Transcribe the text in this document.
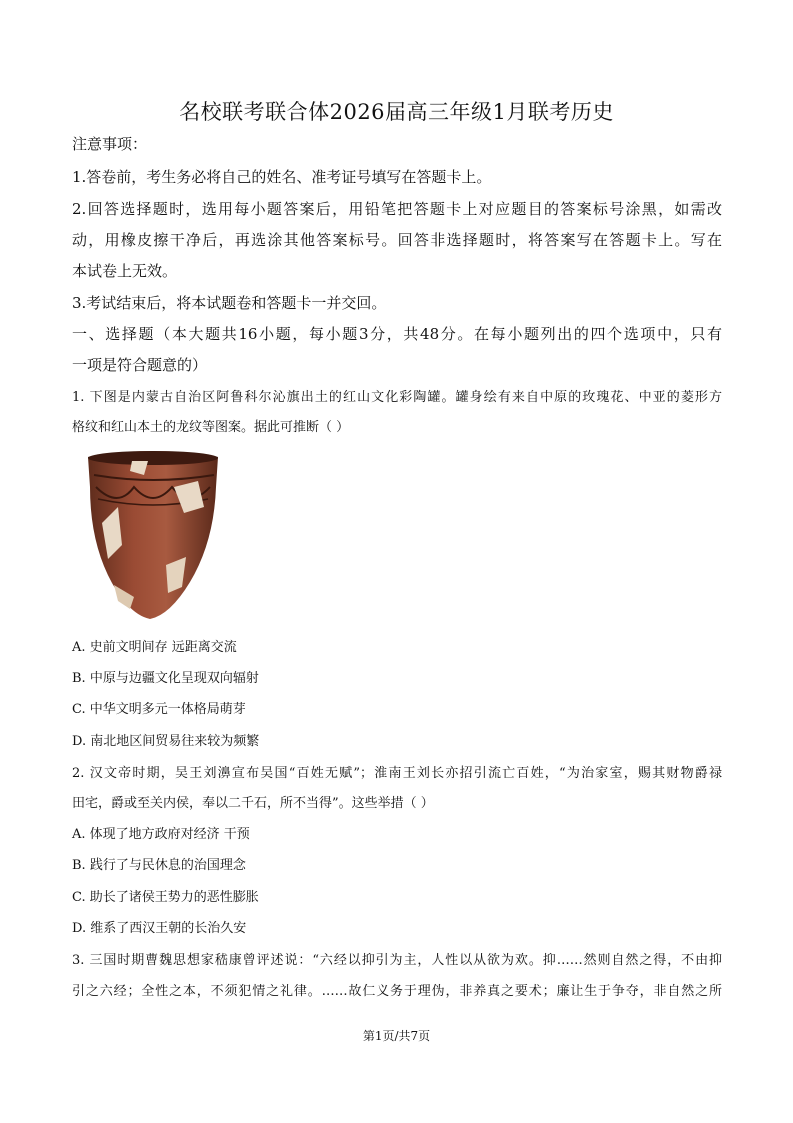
名校联考联合体2026届高三年级1月联考历史
注意事项：
1.答卷前，考生务必将自己的姓名、准考证号填写在答题卡上。
2.回答选择题时，选用每小题答案后，用铅笔把答题卡上对应题目的答案标号涂黑，如需改
动，用橡皮擦干净后，再选涂其他答案标号。回答非选择题时，将答案写在答题卡上。写在
本试卷上无效。
3.考试结束后，将本试题卷和答题卡一并交回。
一、选择题（本大题共16小题，每小题3分，共48分。在每小题列出的四个选项中，只有
一项是符合题意的）
1. 下图是内蒙古自治区阿鲁科尔沁旗出土的红山文化彩陶罐。罐身绘有来自中原的玫瑰花、中亚的菱形方
格纹和红山本土的龙纹等图案。据此可推断（ ）
A. 史前文明间存 远距离交流
B. 中原与边疆文化呈现双向辐射
C. 中华文明多元一体格局萌芽
D. 南北地区间贸易往来较为频繁
2. 汉文帝时期，吴王刘濞宣布吴国“百姓无赋”；淮南王刘长亦招引流亡百姓，“为治家室，赐其财物爵禄
田宅，爵或至关内侯，奉以二千石，所不当得”。这些举措（ ）
A. 体现了地方政府对经济 干预
B. 践行了与民休息的治国理念
C. 助长了诸侯王势力的恶性膨胀
D. 维系了西汉王朝的长治久安
3. 三国时期曹魏思想家嵇康曾评述说：“六经以抑引为主，人性以从欲为欢。抑……然则自然之得，不由抑
引之六经；全性之本，不须犯情之礼律。……故仁义务于理伪，非养真之要术；廉让生于争夺，非自然之所
第1页/共7页
